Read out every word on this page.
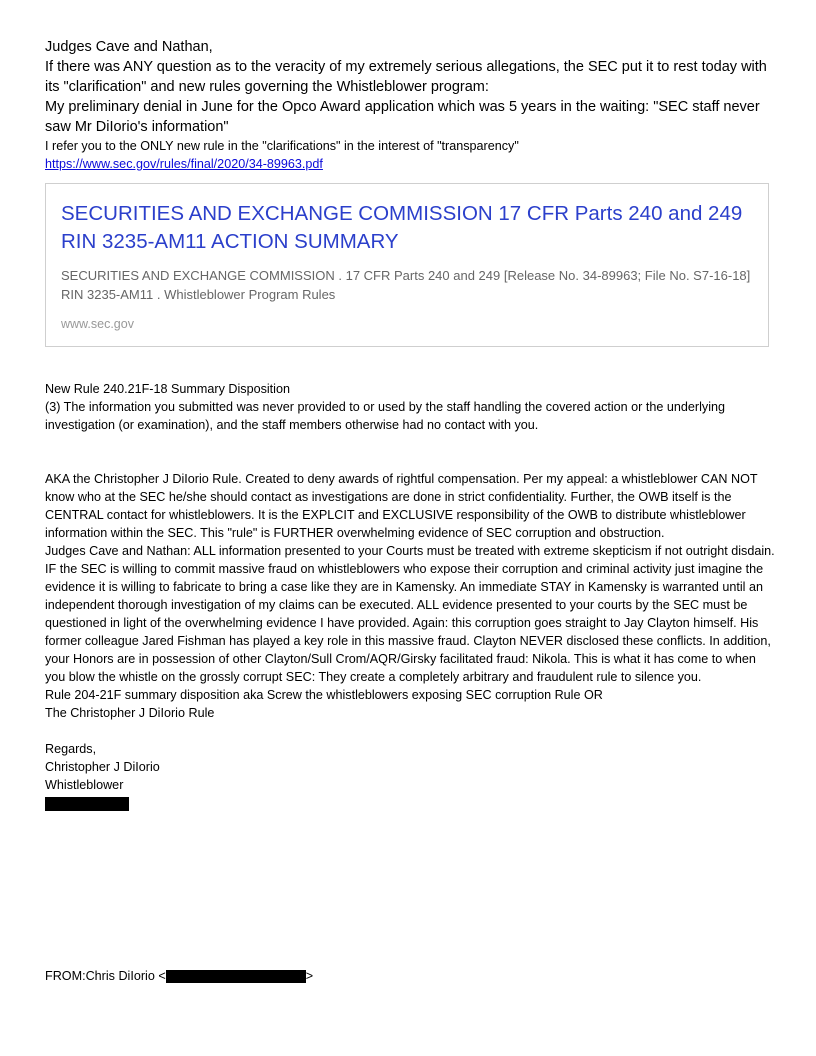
Judges Cave and Nathan,

If there was ANY question as to the veracity of my extremely serious allegations, the SEC put it to rest today with its "clarification" and new rules governing the Whistleblower program:

My preliminary denial in June for the Opco Award application which was 5 years in the waiting: "SEC staff never saw Mr DiIorio's information"

I refer you to the ONLY new rule in the "clarifications" in the interest of "transparency"

https://www.sec.gov/rules/final/2020/34-89963.pdf

SECURITIES AND EXCHANGE COMMISSION 17 CFR Parts 240 and 249 RIN 3235-AM11 ACTION SUMMARY

SECURITIES AND EXCHANGE COMMISSION . 17 CFR Parts 240 and 249 [Release No. 34-89963; File No. S7-16-18] RIN 3235-AM11 . Whistleblower Program Rules

www.sec.gov

New Rule 240.21F-18 Summary Disposition

(3) The information you submitted was never provided to or used by the staff handling the covered action or the underlying investigation (or examination), and the staff members otherwise had no contact with you.

AKA the Christopher J DiIorio Rule. Created to deny awards of rightful compensation. Per my appeal: a whistleblower CAN NOT know who at the SEC he/she should contact as investigations are done in strict confidentiality. Further, the OWB itself is the CENTRAL contact for whistleblowers. It is the EXPLCIT and EXCLUSIVE responsibility of the OWB to distribute whistleblower information within the SEC. This "rule" is FURTHER overwhelming evidence of SEC corruption and obstruction.

Judges Cave and Nathan: ALL information presented to your Courts must be treated with extreme skepticism if not outright disdain. IF the SEC is willing to commit massive fraud on whistleblowers who expose their corruption and criminal activity just imagine the evidence it is willing to fabricate to bring a case like they are in Kamensky. An immediate STAY in Kamensky is warranted until an independent thorough investigation of my claims can be executed. ALL evidence presented to your courts by the SEC must be questioned in light of the overwhelming evidence I have provided. Again: this corruption goes straight to Jay Clayton himself. His former colleague Jared Fishman has played a key role in this massive fraud. Clayton NEVER disclosed these conflicts. In addition, your Honors are in possession of other Clayton/Sull Crom/AQR/Girsky facilitated fraud: Nikola. This is what it has come to when you blow the whistle on the grossly corrupt SEC: They create a completely arbitrary and fraudulent rule to silence you.

Rule 204-21F summary disposition aka Screw the whistleblowers exposing SEC corruption Rule OR

The Christopher J DiIorio Rule

Regards,

Christopher J DiIorio

Whistleblower

FROM:Chris DiIorio <	>
